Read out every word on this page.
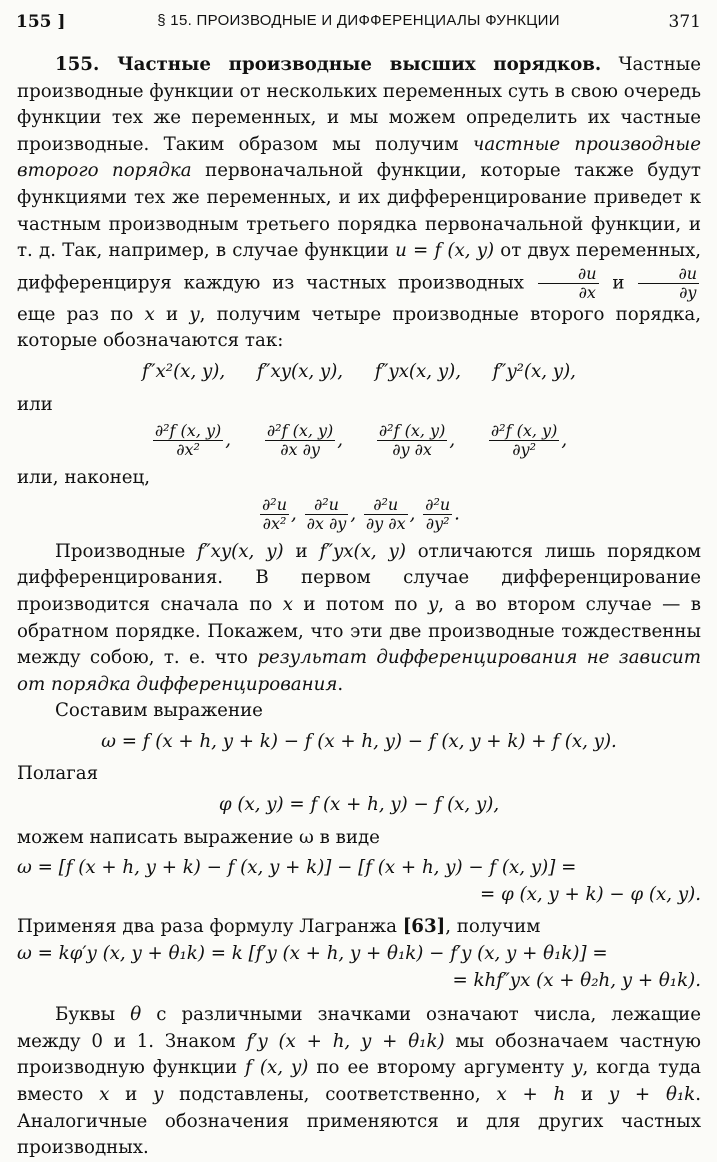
155 ]	§ 15. ПРОИЗВОДНЫЕ И ДИФФЕРЕНЦИАЛЫ ФУНКЦИИ	371

155. Частные производные высших порядков. Частные производные функции от нескольких переменных суть в свою очередь функции тех же переменных, и мы можем определить их частные производные. Таким образом мы получим частные производные второго порядка первоначальной функции, которые также будут функциями тех же переменных, и их дифференцирование приведет к частным производным третьего порядка первоначальной функции, и т. д. Так, например, в случае функции u = f (x, y) от двух переменных, дифференцируя каждую из частных производных $\frac{\partial u}{\partial x}$ и $\frac{\partial u}{\partial y}$
еще раз по x и y, получим четыре производные второго порядка, которые обозначаются так:

f″x²(x, y), f″xy(x, y), f″yx(x, y), f″y²(x, y),
или
$\frac{\text{∂²f (x, y)}}{\text{∂x²}}$ , $\frac{\text{∂²f (x, y)}}{\partial x \partial y}$ , $\frac{\text{∂²f (x, y)}}{\partial y \partial x}$ , $\frac{\text{∂²f (x, y)}}{\text{∂y²}}$ ,
или, наконец,
$\frac{\text{∂²u}}{\text{∂x²}}$ , $\frac{\text{∂²u}}{\partial x \partial y}$ , $\frac{\text{∂²u}}{\partial y \partial x}$ , $\frac{\text{∂²u}}{\text{∂y²}}$ .

Производные f″xy(x, y) и f″yx(x, y) отличаются лишь порядком дифференцирования. В первом случае дифференцирование производится сначала по x и потом по y, а во втором случае — в обратном порядке. Покажем, что эти две производные тождественны между собою, т. е. что результат дифференцирования не зависит от порядка дифференцирования.

Составим выражение

ω = f (x + h, y + k) − f (x + h, y) − f (x, y + k) + f (x, y).

Полагая

φ (x, y) = f (x + h, y) − f (x, y),

можем написать выражение ω в виде

ω = [f (x + h, y + k) − f (x, y + k)] − [f (x + h, y) − f (x, y)] =
= φ (x, y + k) − φ (x, y).

Применяя два раза формулу Лагранжа [63], получим

ω = kφ′y (x, y + θ₁k) = k [f′y (x + h, y + θ₁k) − f′y (x, y + θ₁k)] =
= khf″yx (x + θ₂h, y + θ₁k).

Буквы θ с различными значками означают числа, лежащие между 0 и 1. Знаком f′y (x + h, y + θ₁k) мы обозначаем частную производную функции f (x, y) по ее второму аргументу y, когда туда вместо x и y подставлены, соответственно, x + h и y + θ₁k. Аналогичные обозначения применяются и для других частных производных.
